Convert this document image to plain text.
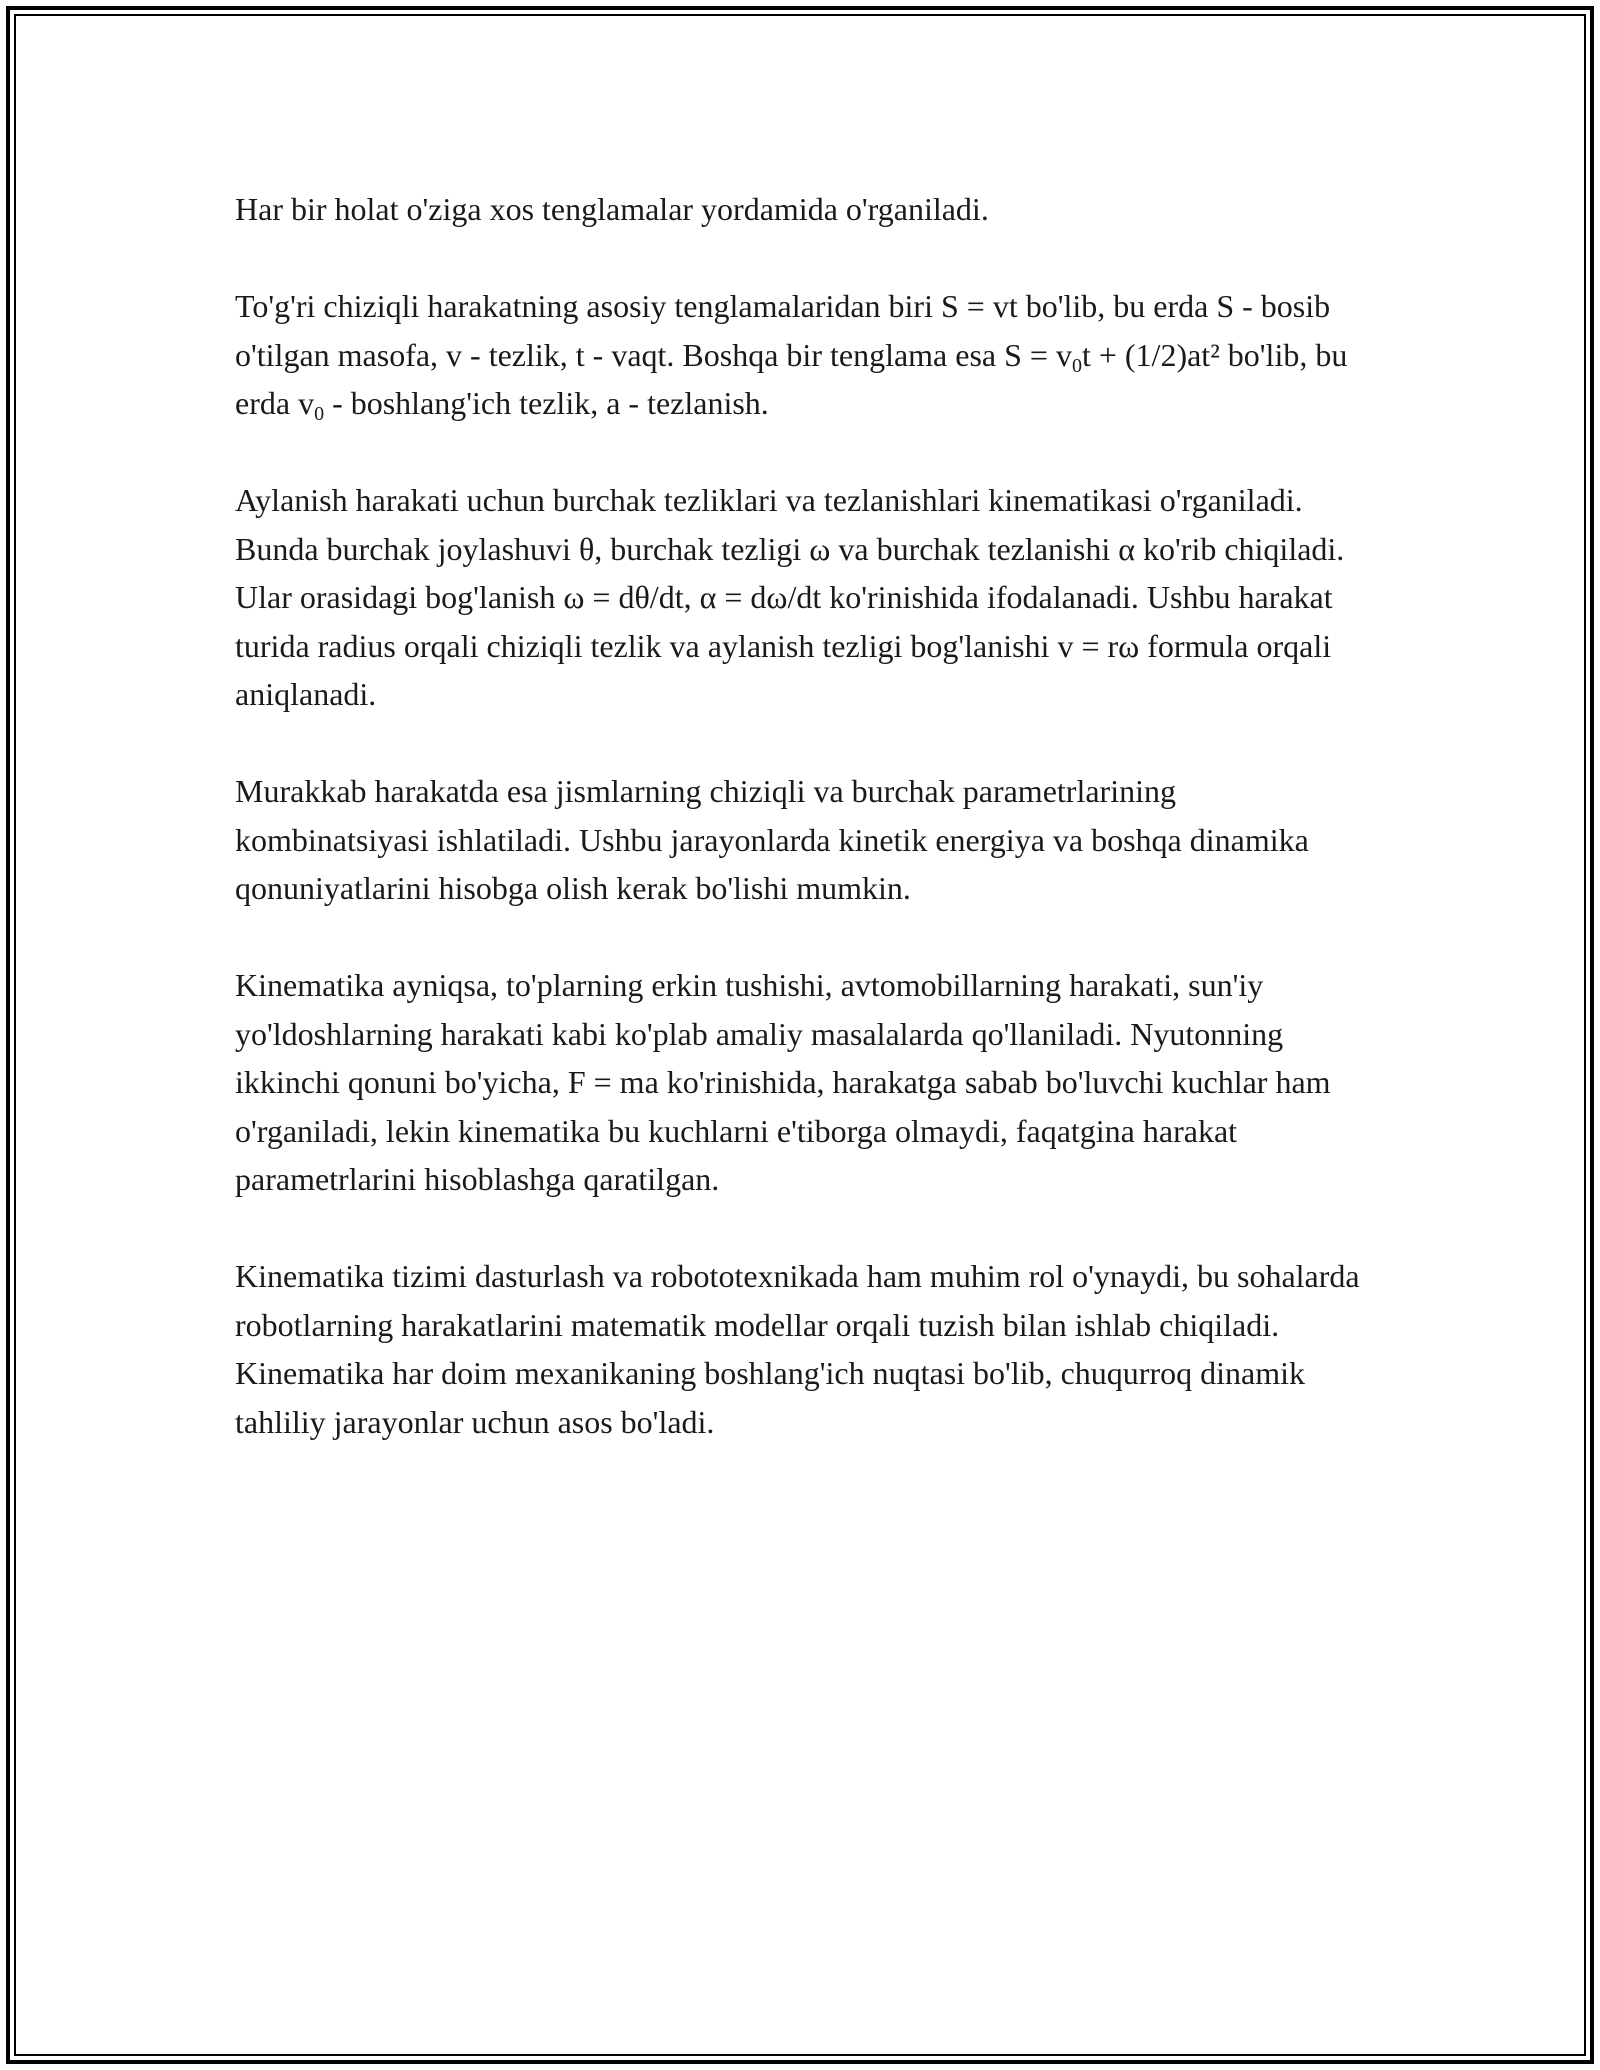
Har bir holat o'ziga xos tenglamalar yordamida o'rganiladi.

To'g'ri chiziqli harakatning asosiy tenglamalaridan biri S = vt bo'lib, bu erda S - bosib o'tilgan masofa, v - tezlik, t - vaqt. Boshqa bir tenglama esa $S = v_0t + (1/2)at^2$ bo'lib, bu erda $v_0$ - boshlang'ich tezlik, a - tezlanish.

Aylanish harakati uchun burchak tezliklari va tezlanishlari kinematikasi o'rganiladi. Bunda burchak joylashuvi θ, burchak tezligi ω va burchak tezlanishi α ko'rib chiqiladi. Ular orasidagi bog'lanish ω = dθ/dt, α = dω/dt ko'rinishida ifodalanadi. Ushbu harakat turida radius orqali chiziqli tezlik va aylanish tezligi bog'lanishi v = rω formula orqali aniqlanadi.

Murakkab harakatda esa jismlarning chiziqli va burchak parametrlarining kombinatsiyasi ishlatiladi. Ushbu jarayonlarda kinetik energiya va boshqa dinamika qonuniyatlarini hisobga olish kerak bo'lishi mumkin.

Kinematika ayniqsa, to'plarning erkin tushishi, avtomobillarning harakati, sun'iy yo'ldoshlarning harakati kabi ko'plab amaliy masalalarda qo'llaniladi. Nyutonning ikkinchi qonuni bo'yicha, F = ma ko'rinishida, harakatga sabab bo'luvchi kuchlar ham o'rganiladi, lekin kinematika bu kuchlarni e'tiborga olmaydi, faqatgina harakat parametrlarini hisoblashga qaratilgan.

Kinematika tizimi dasturlash va robototexnikada ham muhim rol o'ynaydi, bu sohalarda robotlarning harakatlarini matematik modellar orqali tuzish bilan ishlab chiqiladi. Kinematika har doim mexanikaning boshlang'ich nuqtasi bo'lib, chuqurroq dinamik tahliliy jarayonlar uchun asos bo'ladi.
